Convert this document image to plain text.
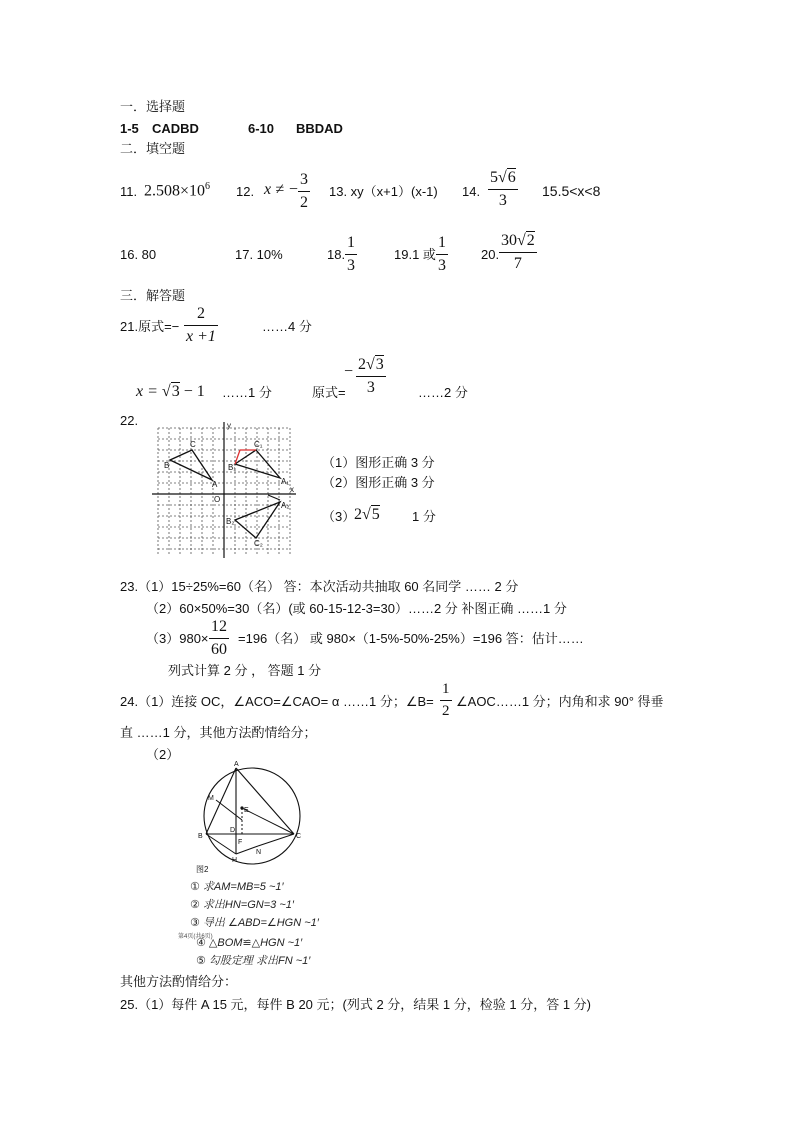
一．选择题
1-5 CADBD	6-10 BBDAD
二．填空题
11. $2.508\times 10^6$ 12. x ≠ − $\frac{3}{2} 13$. xy（x+1）(x-1) 14. $\frac{5√6}{3} 15.5<x<8$
16. 80	17. 10%	18. $\frac{1}{3}$	19.1 或 $\frac{1}{3}$	20. $\frac{30√2}{7}$
三．解答题
21.原式=− $\frac{2}{x +1}$	……4 分
x = √3 − 1 ……1 分	原式=
− $\frac{2√3}{3}$ ……2 分
22.	y
C
A
B
O
C₁
B₁
A₁
A₂
B₂
C₂
x
（1）图形正确 3 分
（2）图形正确 3 分
（3）
2√5 1 分
23.（1）15÷25%=60（名） 答：本次活动共抽取 60 名同学 …… 2 分
（2）60×50%=30（名）(或 60-15-12-3=30）……2 分 补图正确 ……1 分
$(3)980\times \frac{12}{60} =196$（名） 或 980×（1-5%-50%-25%）=196 答：估计……
列式计算 2 分 ， 答题 1 分
24.（1）连接 OC，∠ACO=∠CAO= α ……1 分；∠B= $\frac{1}{2}$ ∠AOC……1 分；内角和求 90° 得垂
直 ……1 分，其他方法酌情给分；
（2）
A
M
E
B
D
F
C
N
H
图2
① 求AM=MB=5 ~1′
② 求出HN=GN=3 ~1′
③ 导出 ∠ABD=∠HGN ~1′
第4页(共6页)
④ △BOM≌△HGN ~1′
⑤ 勾股定理 求出FN ~1′
其他方法酌情给分：
25.（1）每件 A 15 元，每件 B 20 元；(列式 2 分，结果 1 分，检验 1 分，答 1 分)
